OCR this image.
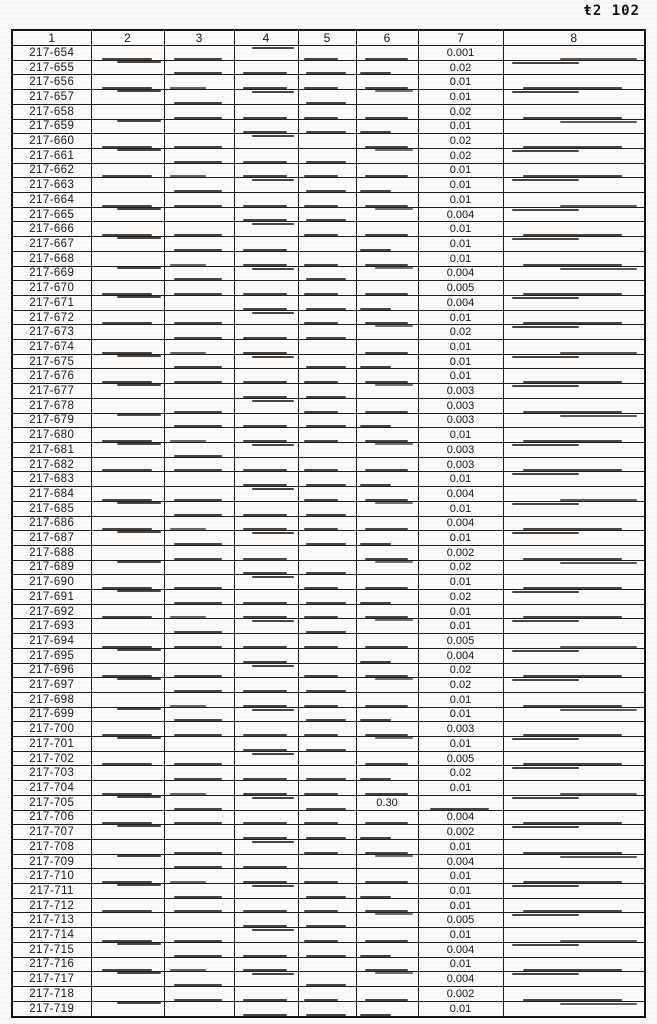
ŧ2 102
1	2	3	4	5	6	7	8
217-654						0.001	
217-655						0.02	
217-656						0.01	
217-657						0.01	
217-658						0.02	
217-659						0.01	
217-660						0.02	
217-661						0.02	
217-662						0.01	
217-663						0.01	
217-664						0.01	
217-665						0.004	
217-666						0.01	
217-667						0.01	
217-668						0.01	
217-669						0.004	
217-670						0.005	
217-671						0.004	
217-672						0.01	
217-673						0.02	
217-674						0.01	
217-675						0.01	
217-676						0.01	
217-677						0.003	
217-678						0.003	
217-679						0.003	
217-680						0.01	
217-681						0.003	
217-682						0.003	
217-683						0.01	
217-684						0.004	
217-685						0.01	
217-686						0.004	
217-687						0.01	
217-688						0.002	
217-689						0.02	
217-690						0.01	
217-691						0.02	
217-692						0.01	
217-693						0.01	
217-694						0.005	
217-695						0.004	
217-696						0.02	
217-697						0.02	
217-698						0.01	
217-699						0.01	
217-700						0.003	
217-701						0.01	
217-702						0.005	
217-703						0.02	
217-704						0.01	
217-705					0.30		
217-706						0.004	
217-707						0.002	
217-708						0.01	
217-709						0.004	
217-710						0.01	
217-711						0.01	
217-712						0.01	
217-713						0.005	
217-714						0.01	
217-715						0.004	
217-716						0.01	
217-717						0.004	
217-718						0.002	
217-719						0.01	
